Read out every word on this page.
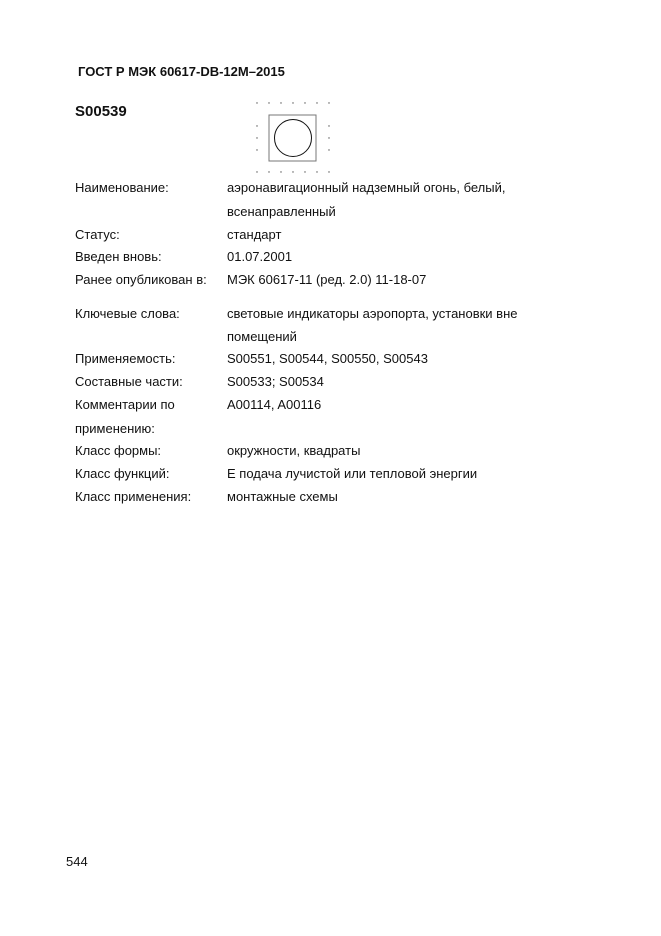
ГОСТ Р МЭК 60617-DB-12M–2015
S00539
Наименование:	аэронавигационный надземный огонь, белый,
всенаправленный
Статус:	стандарт
Введен вновь:	01.07.2001
Ранее опубликован в: МЭК 60617-11 (ред. 2.0) 11-18-07
Ключевые слова:	световые индикаторы аэропорта, установки вне
помещений
Применяемость:	S00551, S00544, S00550, S00543
Составные части:	S00533; S00534
Комментарии по
применению:
A00114, A00116
Класс формы:	окружности, квадраты
Класс функций:	E подача лучистой или тепловой энергии
Класс применения:	монтажные схемы
544
